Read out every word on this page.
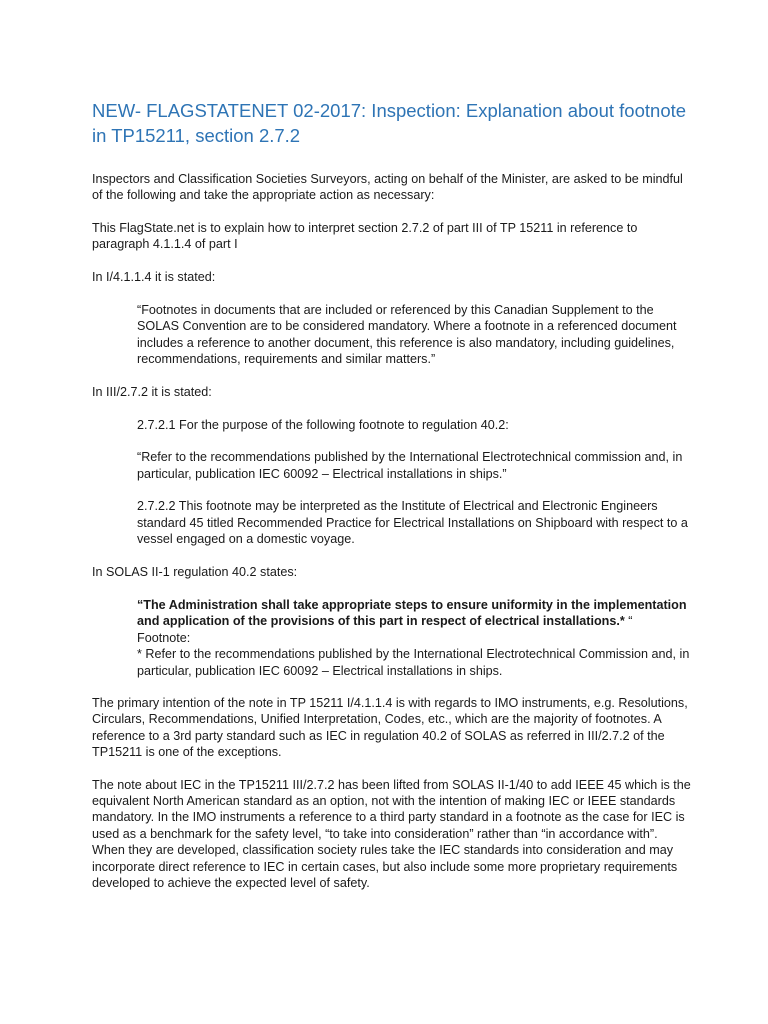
NEW- FLAGSTATENET 02-2017: Inspection: Explanation about footnote in TP15211, section 2.7.2

Inspectors and Classification Societies Surveyors, acting on behalf of the Minister, are asked to be mindful of the following and take the appropriate action as necessary:

This FlagState.net is to explain how to interpret section 2.7.2 of part III of TP 15211 in reference to paragraph 4.1.1.4 of part I

In I/4.1.1.4 it is stated:

“Footnotes in documents that are included or referenced by this Canadian Supplement to the SOLAS Convention are to be considered mandatory. Where a footnote in a referenced document includes a reference to another document, this reference is also mandatory, including guidelines, recommendations, requirements and similar matters.”

In III/2.7.2 it is stated:

2.7.2.1 For the purpose of the following footnote to regulation 40.2:

“Refer to the recommendations published by the International Electrotechnical commission and, in particular, publication IEC 60092 – Electrical installations in ships.”

2.7.2.2 This footnote may be interpreted as the Institute of Electrical and Electronic Engineers standard 45 titled Recommended Practice for Electrical Installations on Shipboard with respect to a vessel engaged on a domestic voyage.

In SOLAS II-1 regulation 40.2 states:

“The Administration shall take appropriate steps to ensure uniformity in the implementation and application of the provisions of this part in respect of electrical installations.* “
Footnote:
* Refer to the recommendations published by the International Electrotechnical Commission and, in particular, publication IEC 60092 – Electrical installations in ships.

The primary intention of the note in TP 15211 I/4.1.1.4 is with regards to IMO instruments, e.g. Resolutions, Circulars, Recommendations, Unified Interpretation, Codes, etc., which are the majority of footnotes. A reference to a 3rd party standard such as IEC in regulation 40.2 of SOLAS as referred in III/2.7.2 of the TP15211 is one of the exceptions.

The note about IEC in the TP15211 III/2.7.2 has been lifted from SOLAS II-1/40 to add IEEE 45 which is the equivalent North American standard as an option, not with the intention of making IEC or IEEE standards mandatory. In the IMO instruments a reference to a third party standard in a footnote as the case for IEC is used as a benchmark for the safety level, “to take into consideration” rather than “in accordance with”. When they are developed, classification society rules take the IEC standards into consideration and may incorporate direct reference to IEC in certain cases, but also include some more proprietary requirements developed to achieve the expected level of safety.
